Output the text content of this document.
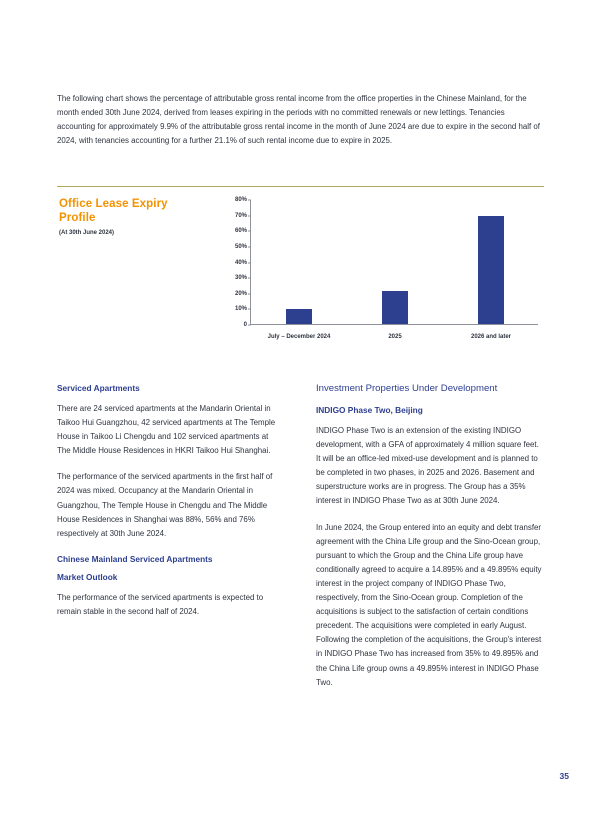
The following chart shows the percentage of attributable gross rental income from the office properties in the Chinese Mainland, for the month ended 30th June 2024, derived from leases expiring in the periods with no committed renewals or new lettings. Tenancies accounting for approximately 9.9% of the attributable gross rental income in the month of June 2024 are due to expire in the second half of 2024, with tenancies accounting for a further 21.1% of such rental income due to expire in 2025.
Office Lease Expiry Profile
(At 30th June 2024)
0
10%
20%
30%
40%
50%
60%
70%
80%
July – December 2024	2025	2026 and later
Serviced Apartments

There are 24 serviced apartments at the Mandarin Oriental in Taikoo Hui Guangzhou, 42 serviced apartments at The Temple House in Taikoo Li Chengdu and 102 serviced apartments at The Middle House Residences in HKRI Taikoo Hui Shanghai.

The performance of the serviced apartments in the first half of 2024 was mixed. Occupancy at the Mandarin Oriental in Guangzhou, The Temple House in Chengdu and The Middle House Residences in Shanghai was 88%, 56% and 76% respectively at 30th June 2024.

Chinese Mainland Serviced Apartments
Market Outlook

The performance of the serviced apartments is expected to remain stable in the second half of 2024.

Investment Properties Under Development
INDIGO Phase Two, Beijing

INDIGO Phase Two is an extension of the existing INDIGO development, with a GFA of approximately 4 million square feet. It will be an office-led mixed-use development and is planned to be completed in two phases, in 2025 and 2026. Basement and superstructure works are in progress. The Group has a 35% interest in INDIGO Phase Two as at 30th June 2024.

In June 2024, the Group entered into an equity and debt transfer agreement with the China Life group and the Sino-Ocean group, pursuant to which the Group and the China Life group have conditionally agreed to acquire a 14.895% and a 49.895% equity interest in the project company of INDIGO Phase Two, respectively, from the Sino-Ocean group. Completion of the acquisitions is subject to the satisfaction of certain conditions precedent. The acquisitions were completed in early August. Following the completion of the acquisitions, the Group's interest in INDIGO Phase Two has increased from 35% to 49.895% and the China Life group owns a 49.895% interest in INDIGO Phase Two.

35
